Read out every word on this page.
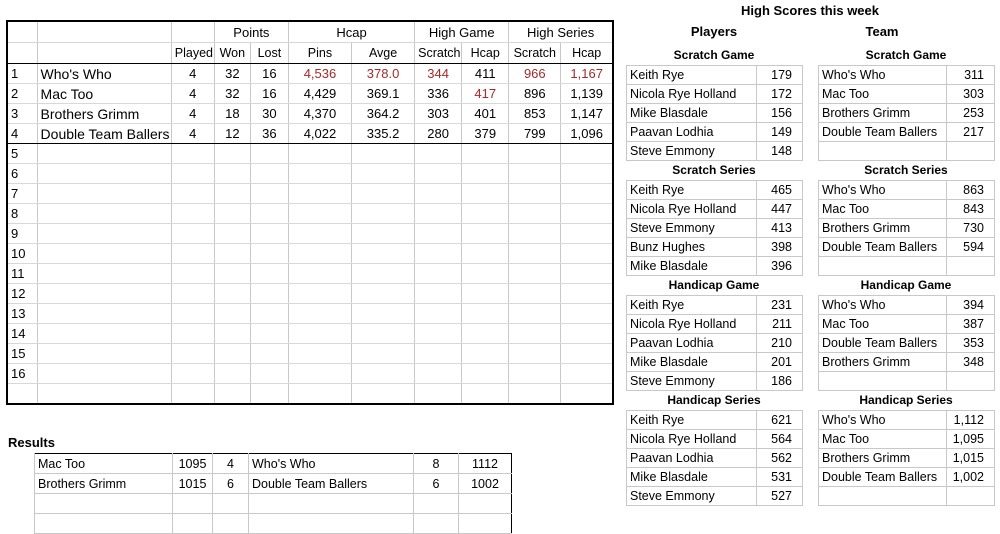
			Points		Hcap		High Game		High Series	
		Played	Won	Lost	Pins	Avge	Scratch	Hcap	Scratch	Hcap
1	Who's Who	4	32	16	4,536	378.0	344	411	966	1,167
2	Mac Too	4	32	16	4,429	369.1	336	417	896	1,139
3	Brothers Grimm	4	18	30	4,370	364.2	303	401	853	1,147
4	Double Team Ballers	4	12	36	4,022	335.2	280	379	799	1,096
5										
6										
7										
8										
9										
10										
11										
12										
13										
14										
15										
16										

High Scores this week
Players	Team
Scratch Game
Keith Rye	179
Nicola Rye Holland	172
Mike Blasdale	156
Paavan Lodhia	149
Steve Emmony	148
Scratch Series
Keith Rye	465
Nicola Rye Holland	447
Steve Emmony	413
Bunz Hughes	398
Mike Blasdale	396
Handicap Game
Keith Rye	231
Nicola Rye Holland	211
Paavan Lodhia	210
Mike Blasdale	201
Steve Emmony	186
Handicap Series
Keith Rye	621
Nicola Rye Holland	564
Paavan Lodhia	562
Mike Blasdale	531
Steve Emmony	527
Scratch Game
Who's Who	311
Mac Too	303
Brothers Grimm	253
Double Team Ballers	217

Scratch Series
Who's Who	863
Mac Too	843
Brothers Grimm	730
Double Team Ballers	594

Handicap Game
Who's Who	394
Mac Too	387
Double Team Ballers	353
Brothers Grimm	348

Handicap Series
Who's Who	1,112
Mac Too	1,095
Brothers Grimm	1,015
Double Team Ballers	1,002

Results
Mac Too	1095	4	Who's Who	8	1112
Brothers Grimm	1015	6	Double Team Ballers	6	1002
